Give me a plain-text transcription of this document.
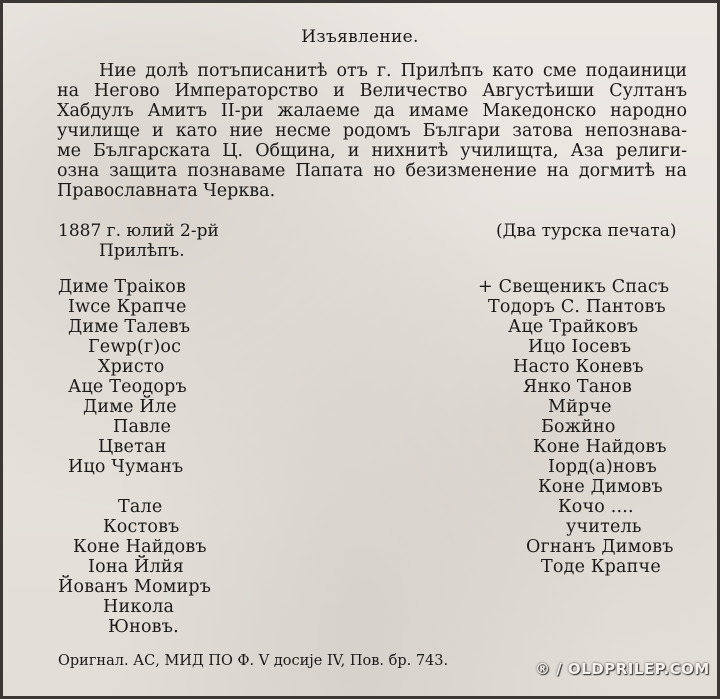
Изъявление.
Ние долѣ потъписанитѣ отъ г. Прилѣпъ като сме подаиници
на Негово Императорство и Величество Августѣиши Султанъ
Хабдулъ Амитъ II-ри жалаеме да имаме Македонско народно
училище и като ние несме родомъ Българи затова непознава-
ме Българската Ц. Община, и нихнитѣ училищта, Аза религи-
озна защита познаваме Папата но безизменение на догмитѣ на
Православната Черква.
1887 г. юлий 2-рй
Прилѣпъ.
(Два турска печата)
Диме Траіков
Iwce Крапче
Диме Талевъ
Геwр(г)ос
Христо
Аце Теодоръ
Диме Йле
Павле
Цветан
Ицо Чуманъ
Тале
Костовъ
Коне Найдовъ
Iона Йлйя
Йованъ Момиръ
Никола
Юновъ.
+ Свещеникъ Спасъ
Тодоръ С. Пантовъ
Аце Трайковъ
Ицо Iосевъ
Насто Коневъ
Янко Танов
Мйрче
Божйно
Коне Найдовъ
Iорд(а)новъ
Коне Димовъ
Кочо ....
учитель
Огнанъ Димовъ
Тоде Крапче
Оригнал. АС, МИД ПО Ф. V досије IV, Пов. бр. 743.	® / OLDPRILEP.COM
